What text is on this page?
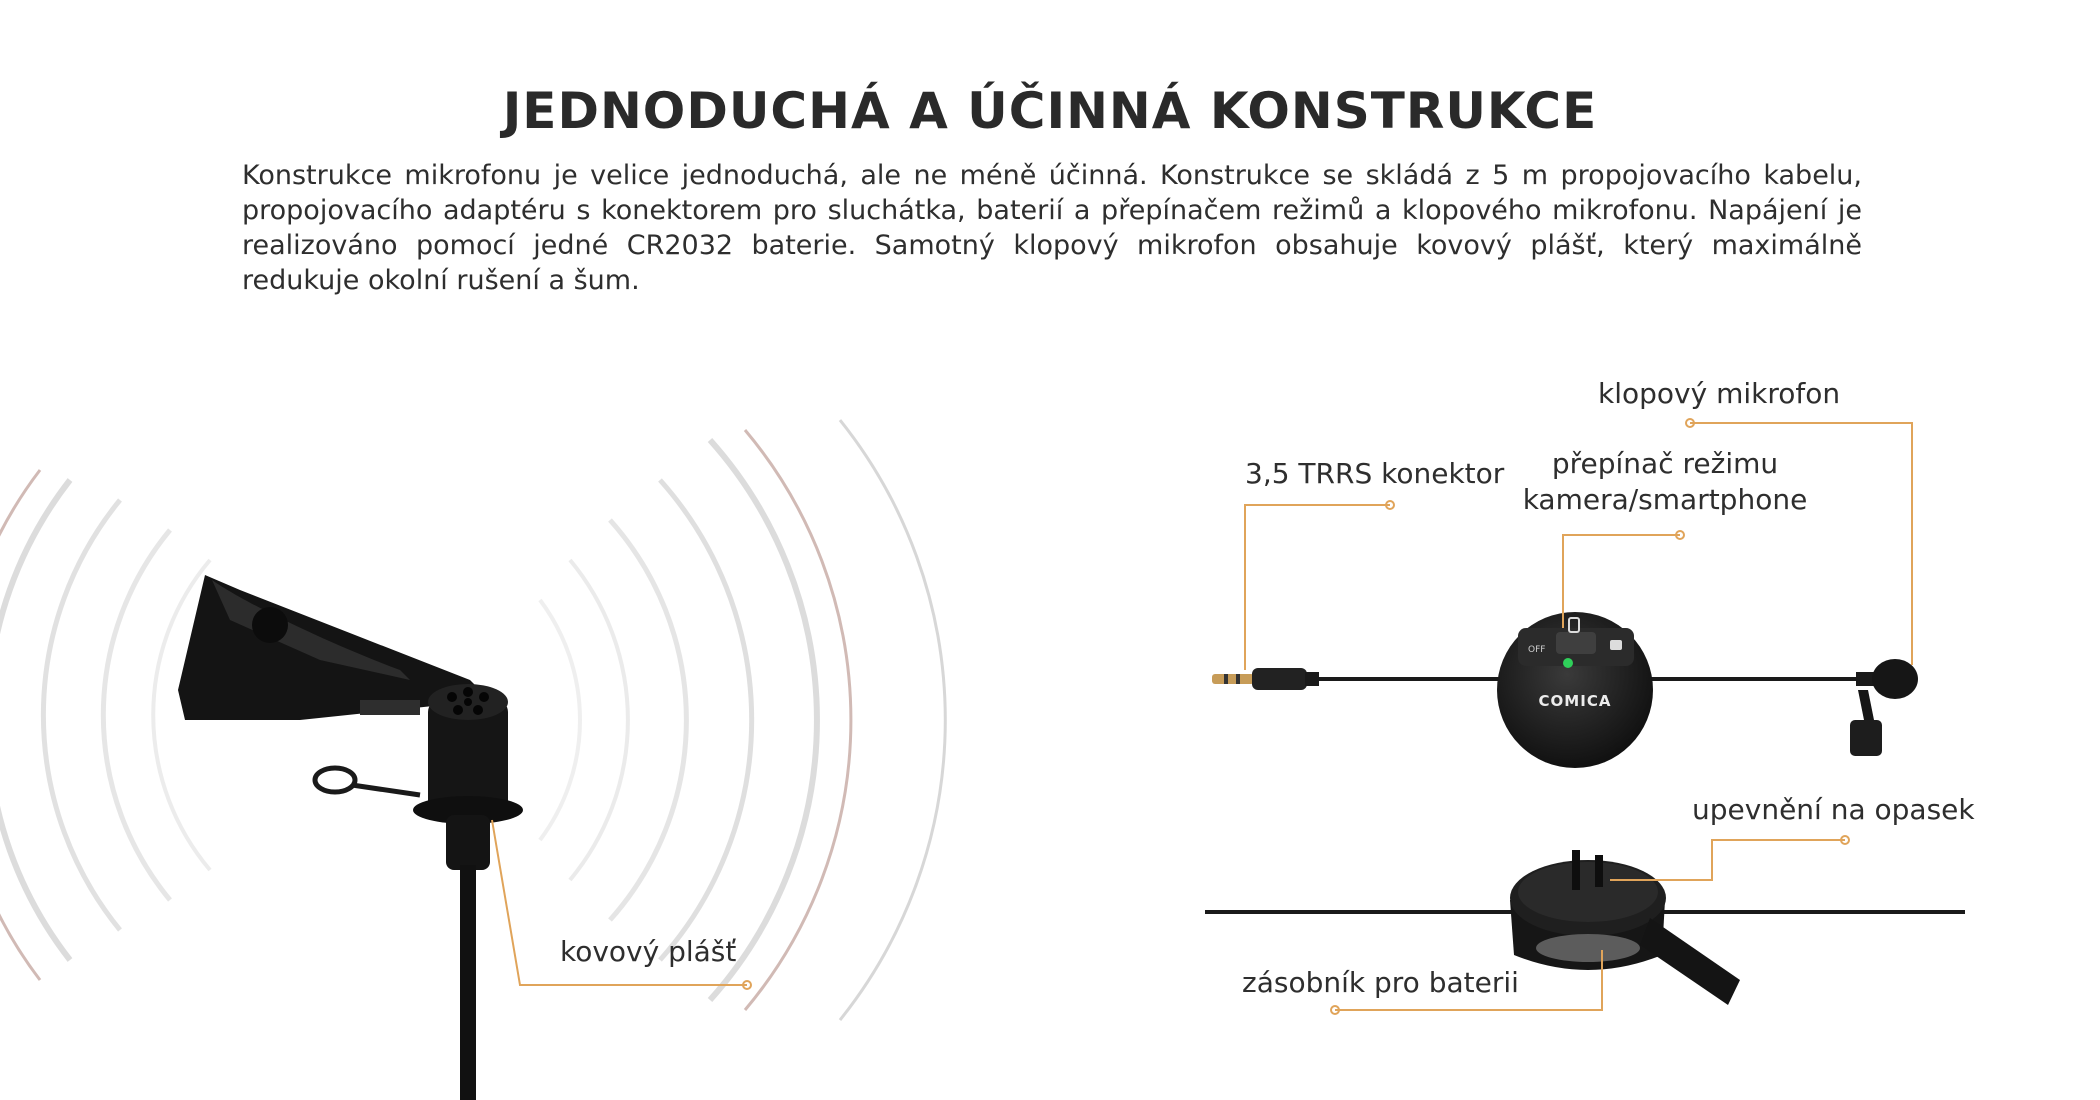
JEDNODUCHÁ A ÚČINNÁ KONSTRUKCE
Konstrukce mikrofonu je velice jednoduchá, ale ne méně účinná. Konstrukce se skládá z 5 m propojovacího kabelu, propojovacího adaptéru s konektorem pro sluchátka, baterií a přepínačem režimů a klopového mikrofonu. Napájení je realizováno pomocí jedné CR2032 baterie. Samotný klopový mikrofon obsahuje kovový plášť, který maximálně redukuje okolní rušení a šum.
OFF
COMICA
kovový plášť
3,5 TRRS konektor
klopový mikrofon
přepínač režimu
kamera/smartphone
upevnění na opasek
zásobník pro baterii
